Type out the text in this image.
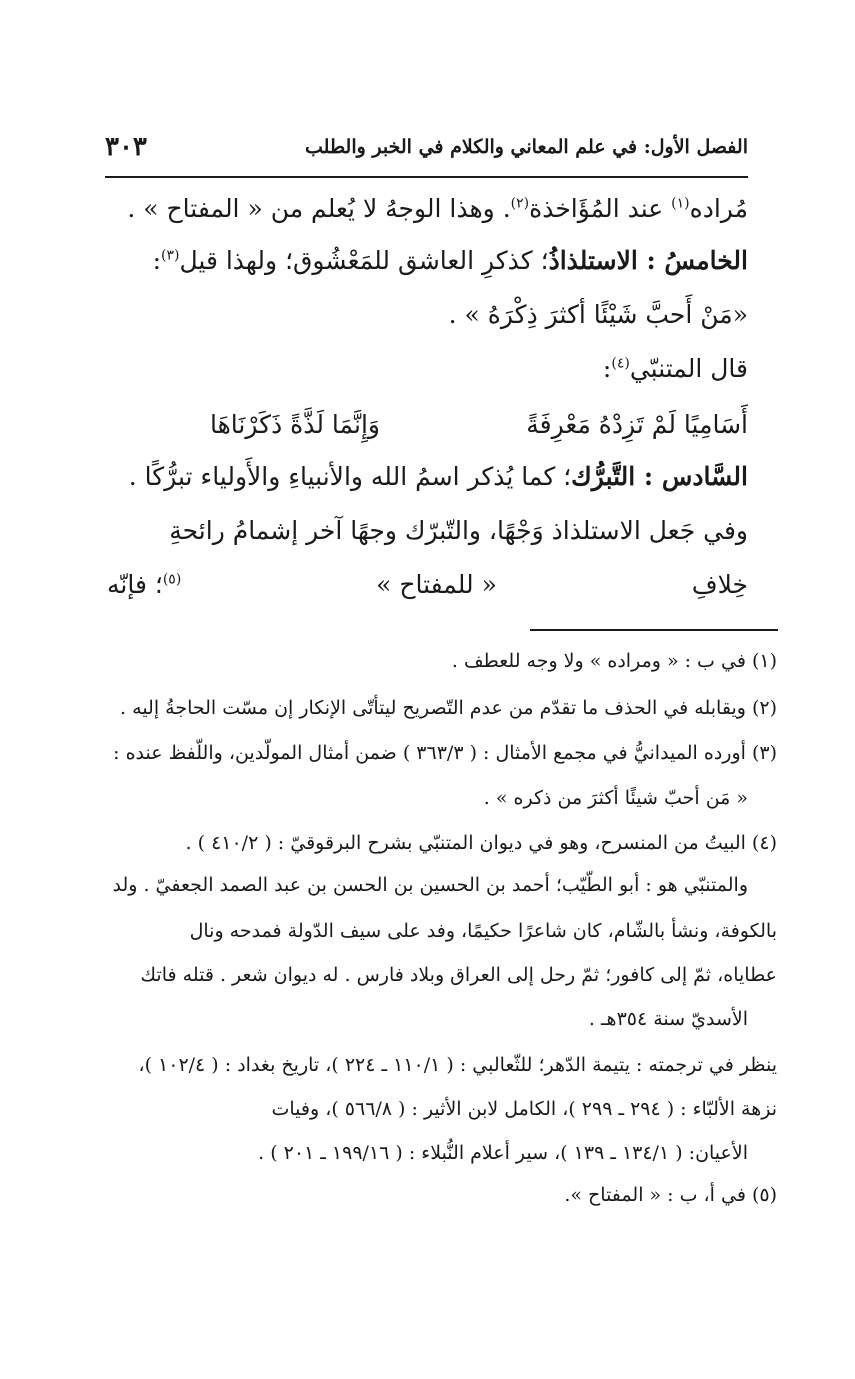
الفصل الأول: في علم المعاني والكلام في الخبر والطلب
٣٠٣
مُراده$^{(١)}$ عند المُؤَاخذة$^{(٢)}$. وهذا الوجهُ لا يُعلم من « المفتاح » .
الخامسُ : الاستلذاذُ؛ كذكرِ العاشق للمَعْشُوق؛ ولهذا قيل$^{(٣)}$:
«مَنْ أَحبَّ شَيْئًا أكثرَ ذِكْرَهُ » .
قال المتنبّي$^{(٤)}$:
أَسَامِيًا لَمْ تَزِدْهُ مَعْرِفَةً
وَإِنَّمَا لَذَّةً ذَكَرْنَاهَا
السَّادس : التَّبرُّك؛ كما يُذكر اسمُ الله والأنبياءِ والأَولياء تبرُّكًا .
وفي جَعل الاستلذاذ وَجْهًا، والتّبرّك وجهًا آخر إشمامُ رائحةِ
خِلافِ
« للمفتاح »
$^{(٥)}$؛ فإنّه
(١) في ب : « ومراده » ولا وجه للعطف .
(٢) ويقابله في الحذف ما تقدّم من عدم التّصريح ليتأتّى الإنكار إن مسّت الحاجةُ إليه .
(٣) أورده الميدانيُّ في مجمع الأمثال : ( ٣٦٣/٣ ) ضمن أمثال المولّدين، واللّفظ عنده :
« مَن أحبّ شيئًا أكثرَ من ذكره » .
(٤) البيتُ من المنسرح، وهو في ديوان المتنبّي بشرح البرقوقيّ : ( ٤١٠/٢ ) .
والمتنبّي هو : أبو الطّيّب؛ أحمد بن الحسين بن الحسن بن عبد الصمد الجعفيّ . ولد
بالكوفة، ونشأ بالشّام، كان شاعرًا حكيمًا، وفد على سيف الدّولة فمدحه ونال
عطاياه، ثمّ إلى كافور؛ ثمّ رحل إلى العراق وبلاد فارس . له ديوان شعر . قتله فاتك
الأسديّ سنة ٣٥٤هـ .
ينظر في ترجمته : يتيمة الدّهر؛ للثّعالبي : ( ١١٠/١ ـ ٢٢٤ )، تاريخ بغداد : ( ١٠٢/٤ )،
نزهة الألبّاء : ( ٢٩٤ ـ ٢٩٩ )، الكامل لابن الأثير : ( ٥٦٦/٨ )، وفيات
الأعيان: ( ١٣٤/١ ـ ١٣٩ )، سير أعلام النُّبلاء : ( ١٩٩/١٦ ـ ٢٠١ ) .
(٥) في أ، ب : « المفتاح ».
